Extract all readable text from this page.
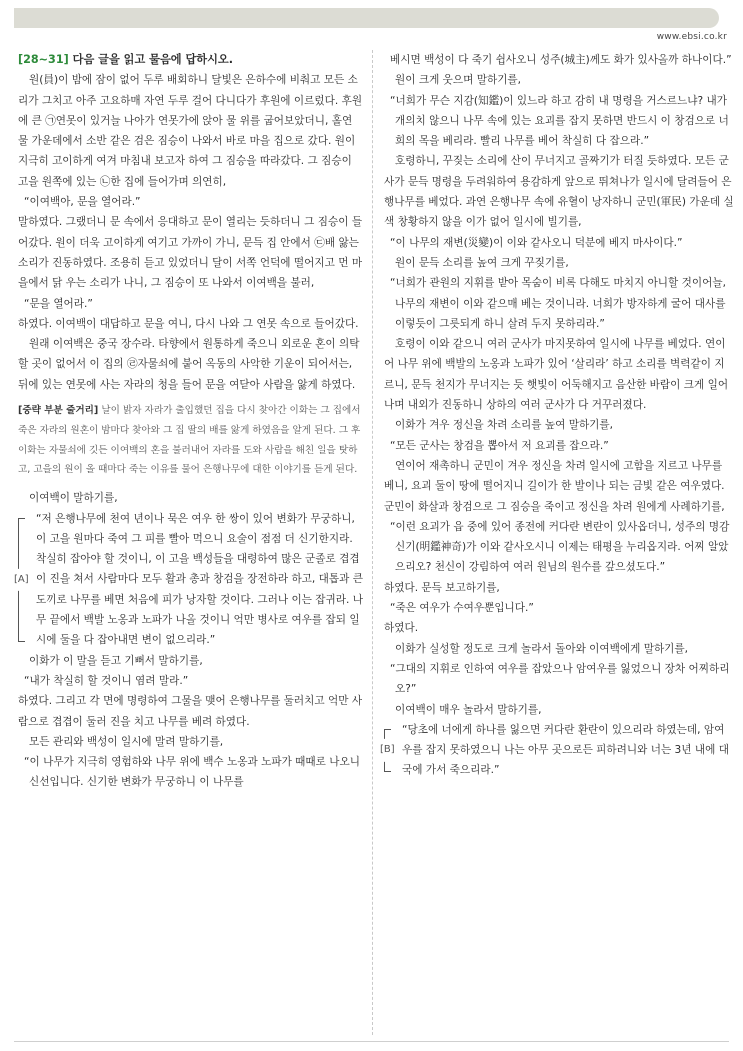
www.ebsi.co.kr

[28~31] 다음 글을 읽고 물음에 답하시오.

원(員)이 밤에 잠이 없어 두루 배회하니 달빛은 은하수에 비춰고 모든 소리가 그치고 아주 고요하매 자연 두루 걸어 다니다가 후원에 이르렀다. 후원에 큰 ㉠연못이 있거늘 나아가 연못가에 앉아 물 위를 굽어보았더니, 홀연 물 가운데에서 소반 같은 검은 짐승이 나와서 바로 마을 집으로 갔다. 원이 지극히 고이하게 여겨 마침내 보고자 하여 그 짐승을 따라갔다. 그 짐승이 고을 원쪽에 있는 ㉡한 집에 들어가며 의연히,

“이여백아, 문을 열어라.”

말하였다. 그랬더니 문 속에서 응대하고 문이 열리는 듯하더니 그 짐승이 들어갔다. 원이 더욱 고이하게 여기고 가까이 가니, 문득 집 안에서 ㉢배 앓는 소리가 진동하였다. 조용히 듣고 있었더니 달이 서쪽 언덕에 떨어지고 먼 마을에서 닭 우는 소리가 나니, 그 짐승이 또 나와서 이여백을 불러,

“문을 열어라.”

하였다. 이여백이 대답하고 문을 여니, 다시 나와 그 연못 속으로 들어갔다.

원래 이여백은 중국 장수라. 타향에서 원통하게 죽으니 외로운 혼이 의탁할 곳이 없어서 이 집의 ㉣자물쇠에 붙어 옥동의 사악한 기운이 되어서는, 뒤에 있는 연못에 사는 자라의 청을 들어 문을 여닫아 사람을 앓게 하였다.

[중략 부분 줄거리] 날이 밝자 자라가 출입했던 집을 다시 찾아간 이화는 그 집에서 죽은 자라의 원혼이 밤마다 찾아와 그 집 딸의 배를 앓게 하였음을 알게 된다. 그 후 이화는 자물쇠에 깃든 이여백의 혼을 불러내어 자라를 도와 사람을 해친 일을 탓하고, 고을의 원이 올 때마다 죽는 이유를 물어 은행나무에 대한 이야기를 듣게 된다.

이여백이 말하기를,

[A]

“저 은행나무에 천여 년이나 묵은 여우 한 쌍이 있어 변화가 무궁하니, 이 고을 원마다 죽여 그 피를 빨아 먹으니 요술이 점점 더 신기한지라. 착실히 잡아야 할 것이니, 이 고을 백성들을 대령하여 많은 군졸로 겹겹이 진을 쳐서 사람마다 모두 활과 총과 창검을 장전하라 하고, 대톱과 큰 도끼로 나무를 베면 처음에 피가 낭자할 것이다. 그러나 이는 잡귀라. 나무 끝에서 백발 노옹과 노파가 나올 것이니 억만 병사로 여우를 잡되 일시에 둘을 다 잡아내면 변이 없으리라.”

이화가 이 말을 듣고 기뻐서 말하기를,

“내가 착실히 할 것이니 염려 말라.”

하였다. 그리고 각 면에 명령하여 그물을 맺어 은행나무를 둘러치고 억만 사람으로 겹겹이 둘러 진을 치고 나무를 베려 하였다.

모든 관리와 백성이 일시에 말려 말하기를,

“이 나무가 지극히 영험하와 나무 위에 백수 노옹과 노파가 때때로 나오니 신선입니다. 신기한 변화가 무궁하니 이 나무를

베시면 백성이 다 죽기 쉽사오니 성주(城主)께도 화가 있사올까 하나이다.”

원이 크게 웃으며 말하기를,

“너희가 무슨 지감(知鑑)이 있느라 하고 감히 내 명령을 거스르느냐? 내가 개의치 않으니 나무 속에 있는 요괴를 잡지 못하면 반드시 이 창검으로 너희의 목을 베리라. 빨리 나무를 베어 착실히 다 잡으라.”

호령하니, 꾸짖는 소리에 산이 무너지고 골짜기가 터질 듯하였다. 모든 군사가 문득 명령을 두려워하여 용감하게 앞으로 뛰쳐나가 일시에 달려들어 은행나무를 베었다. 과연 은행나무 속에 유혈이 낭자하니 군민(軍民) 가운데 실색 창황하지 않을 이가 없어 일시에 빌기를,

“이 나무의 재변(災變)이 이와 같사오니 덕분에 베지 마사이다.”

원이 문득 소리를 높여 크게 꾸짖기를,

“너희가 관원의 지휘를 받아 목숨이 비록 다해도 마치지 아니할 것이어늘, 나무의 재변이 이와 같으매 베는 것이니라. 너희가 방자하게 굴어 대사를 이렇듯이 그릇되게 하니 살려 두지 못하리라.”

호령이 이와 같으니 여러 군사가 마지못하여 일시에 나무를 베었다. 연이어 나무 위에 백발의 노옹과 노파가 있어 ‘살리라’ 하고 소리를 벽력같이 지르니, 문득 천지가 무너지는 듯 햇빛이 어둑해지고 음산한 바람이 크게 일어나며 내외가 진동하니 상하의 여러 군사가 다 거꾸러졌다.

이화가 겨우 정신을 차려 소리를 높여 말하기를,

“모든 군사는 창검을 뽑아서 저 요괴를 잡으라.”

연이어 재촉하니 군민이 겨우 정신을 차려 일시에 고함을 지르고 나무를 베니, 요괴 둘이 땅에 떨어지니 길이가 한 발이나 되는 금빛 같은 여우였다. 군민이 화살과 창검으로 그 짐승을 죽이고 정신을 차려 원에게 사례하기를,

“이런 요괴가 읍 중에 있어 종전에 커다란 변란이 있사옵더니, 성주의 명감신기(明鑑神奇)가 이와 같사오시니 이제는 태평을 누리옵지라. 어찌 알았으리오? 천신이 강림하여 여러 원님의 원수를 갚으셨도다.”

하였다. 문득 보고하기를,

“죽은 여우가 수여우뿐입니다.”

하였다.

이화가 실성할 정도로 크게 놀라서 돌아와 이여백에게 말하기를,

“그대의 지휘로 인하여 여우를 잡았으나 암여우를 잃었으니 장차 어찌하리오?”

이여백이 매우 놀라서 말하기를,

[B]

“당초에 너에게 하나를 잃으면 커다란 환란이 있으리라 하였는데, 암여우를 잡지 못하였으니 나는 아무 곳으로든 피하려니와 너는 3년 내에 대국에 가서 죽으리라.”
